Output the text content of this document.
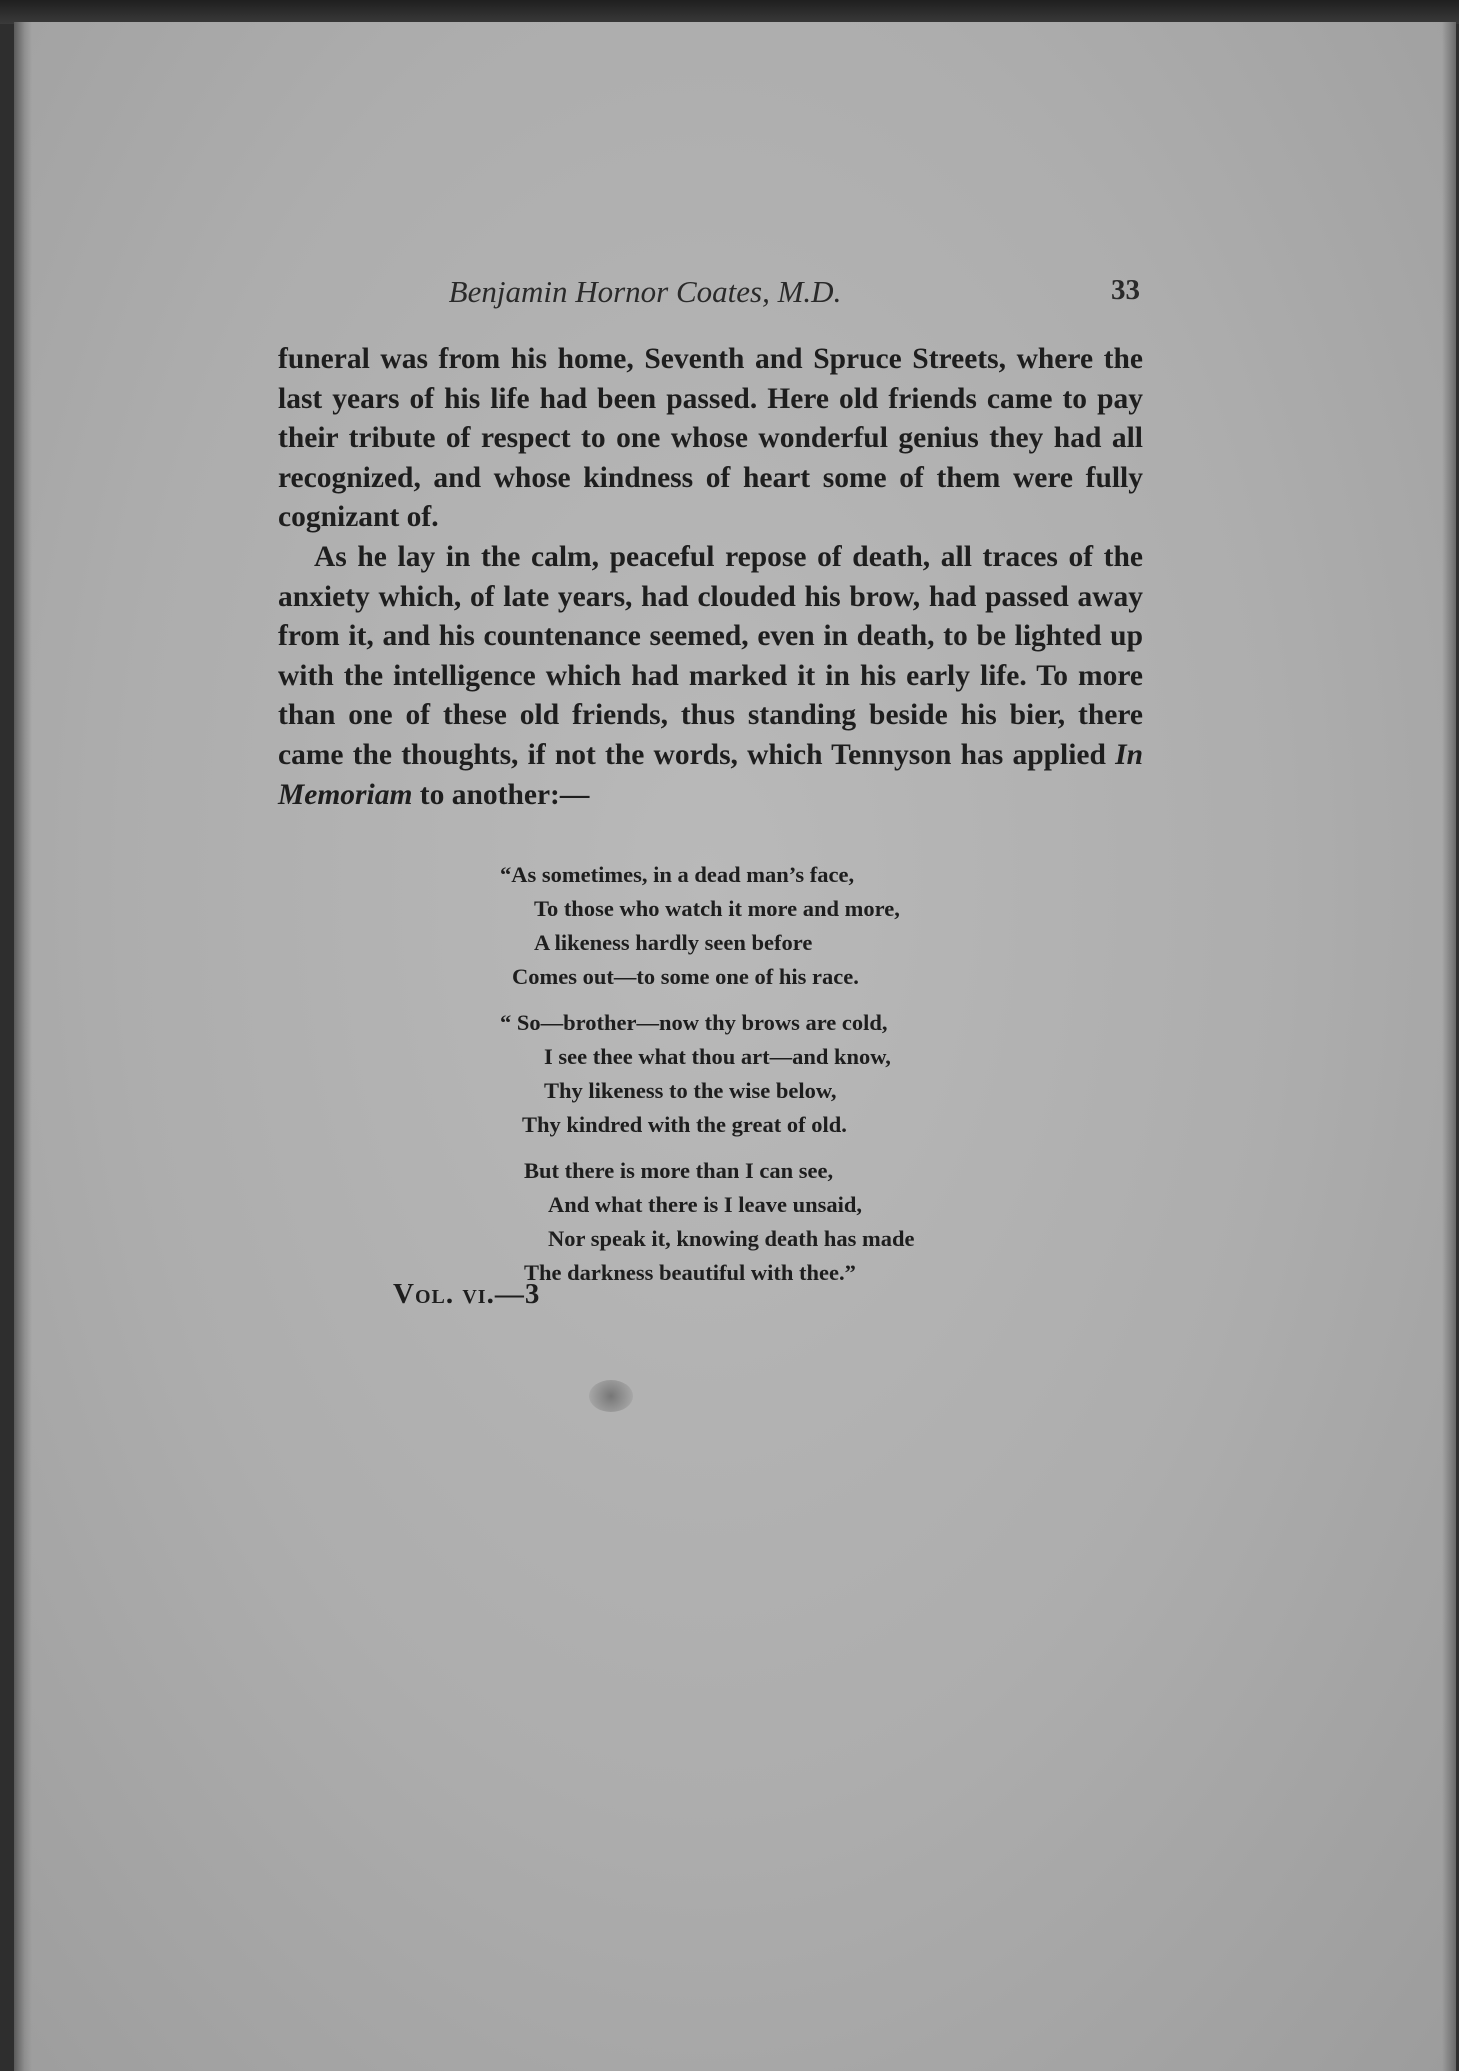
Benjamin Hornor Coates, M.D.	33

funeral was from his home, Seventh and Spruce Streets, where the last years of his life had been passed. Here old friends came to pay their tribute of respect to one whose wonderful genius they had all recognized, and whose kindness of heart some of them were fully cognizant of.

As he lay in the calm, peaceful repose of death, all traces of the anxiety which, of late years, had clouded his brow, had passed away from it, and his countenance seemed, even in death, to be lighted up with the intelligence which had marked it in his early life. To more than one of these old friends, thus standing beside his bier, there came the thoughts, if not the words, which Tennyson has applied In Memoriam to another:—

“As sometimes, in a dead man’s face,
To those who watch it more and more,
A likeness hardly seen before
Comes out—to some one of his race.
“ So—brother—now thy brows are cold,
I see thee what thou art—and know,
Thy likeness to the wise below,
Thy kindred with the great of old.
But there is more than I can see,
And what there is I leave unsaid,
Nor speak it, knowing death has made
The darkness beautiful with thee.”
Vol. vi.—3
